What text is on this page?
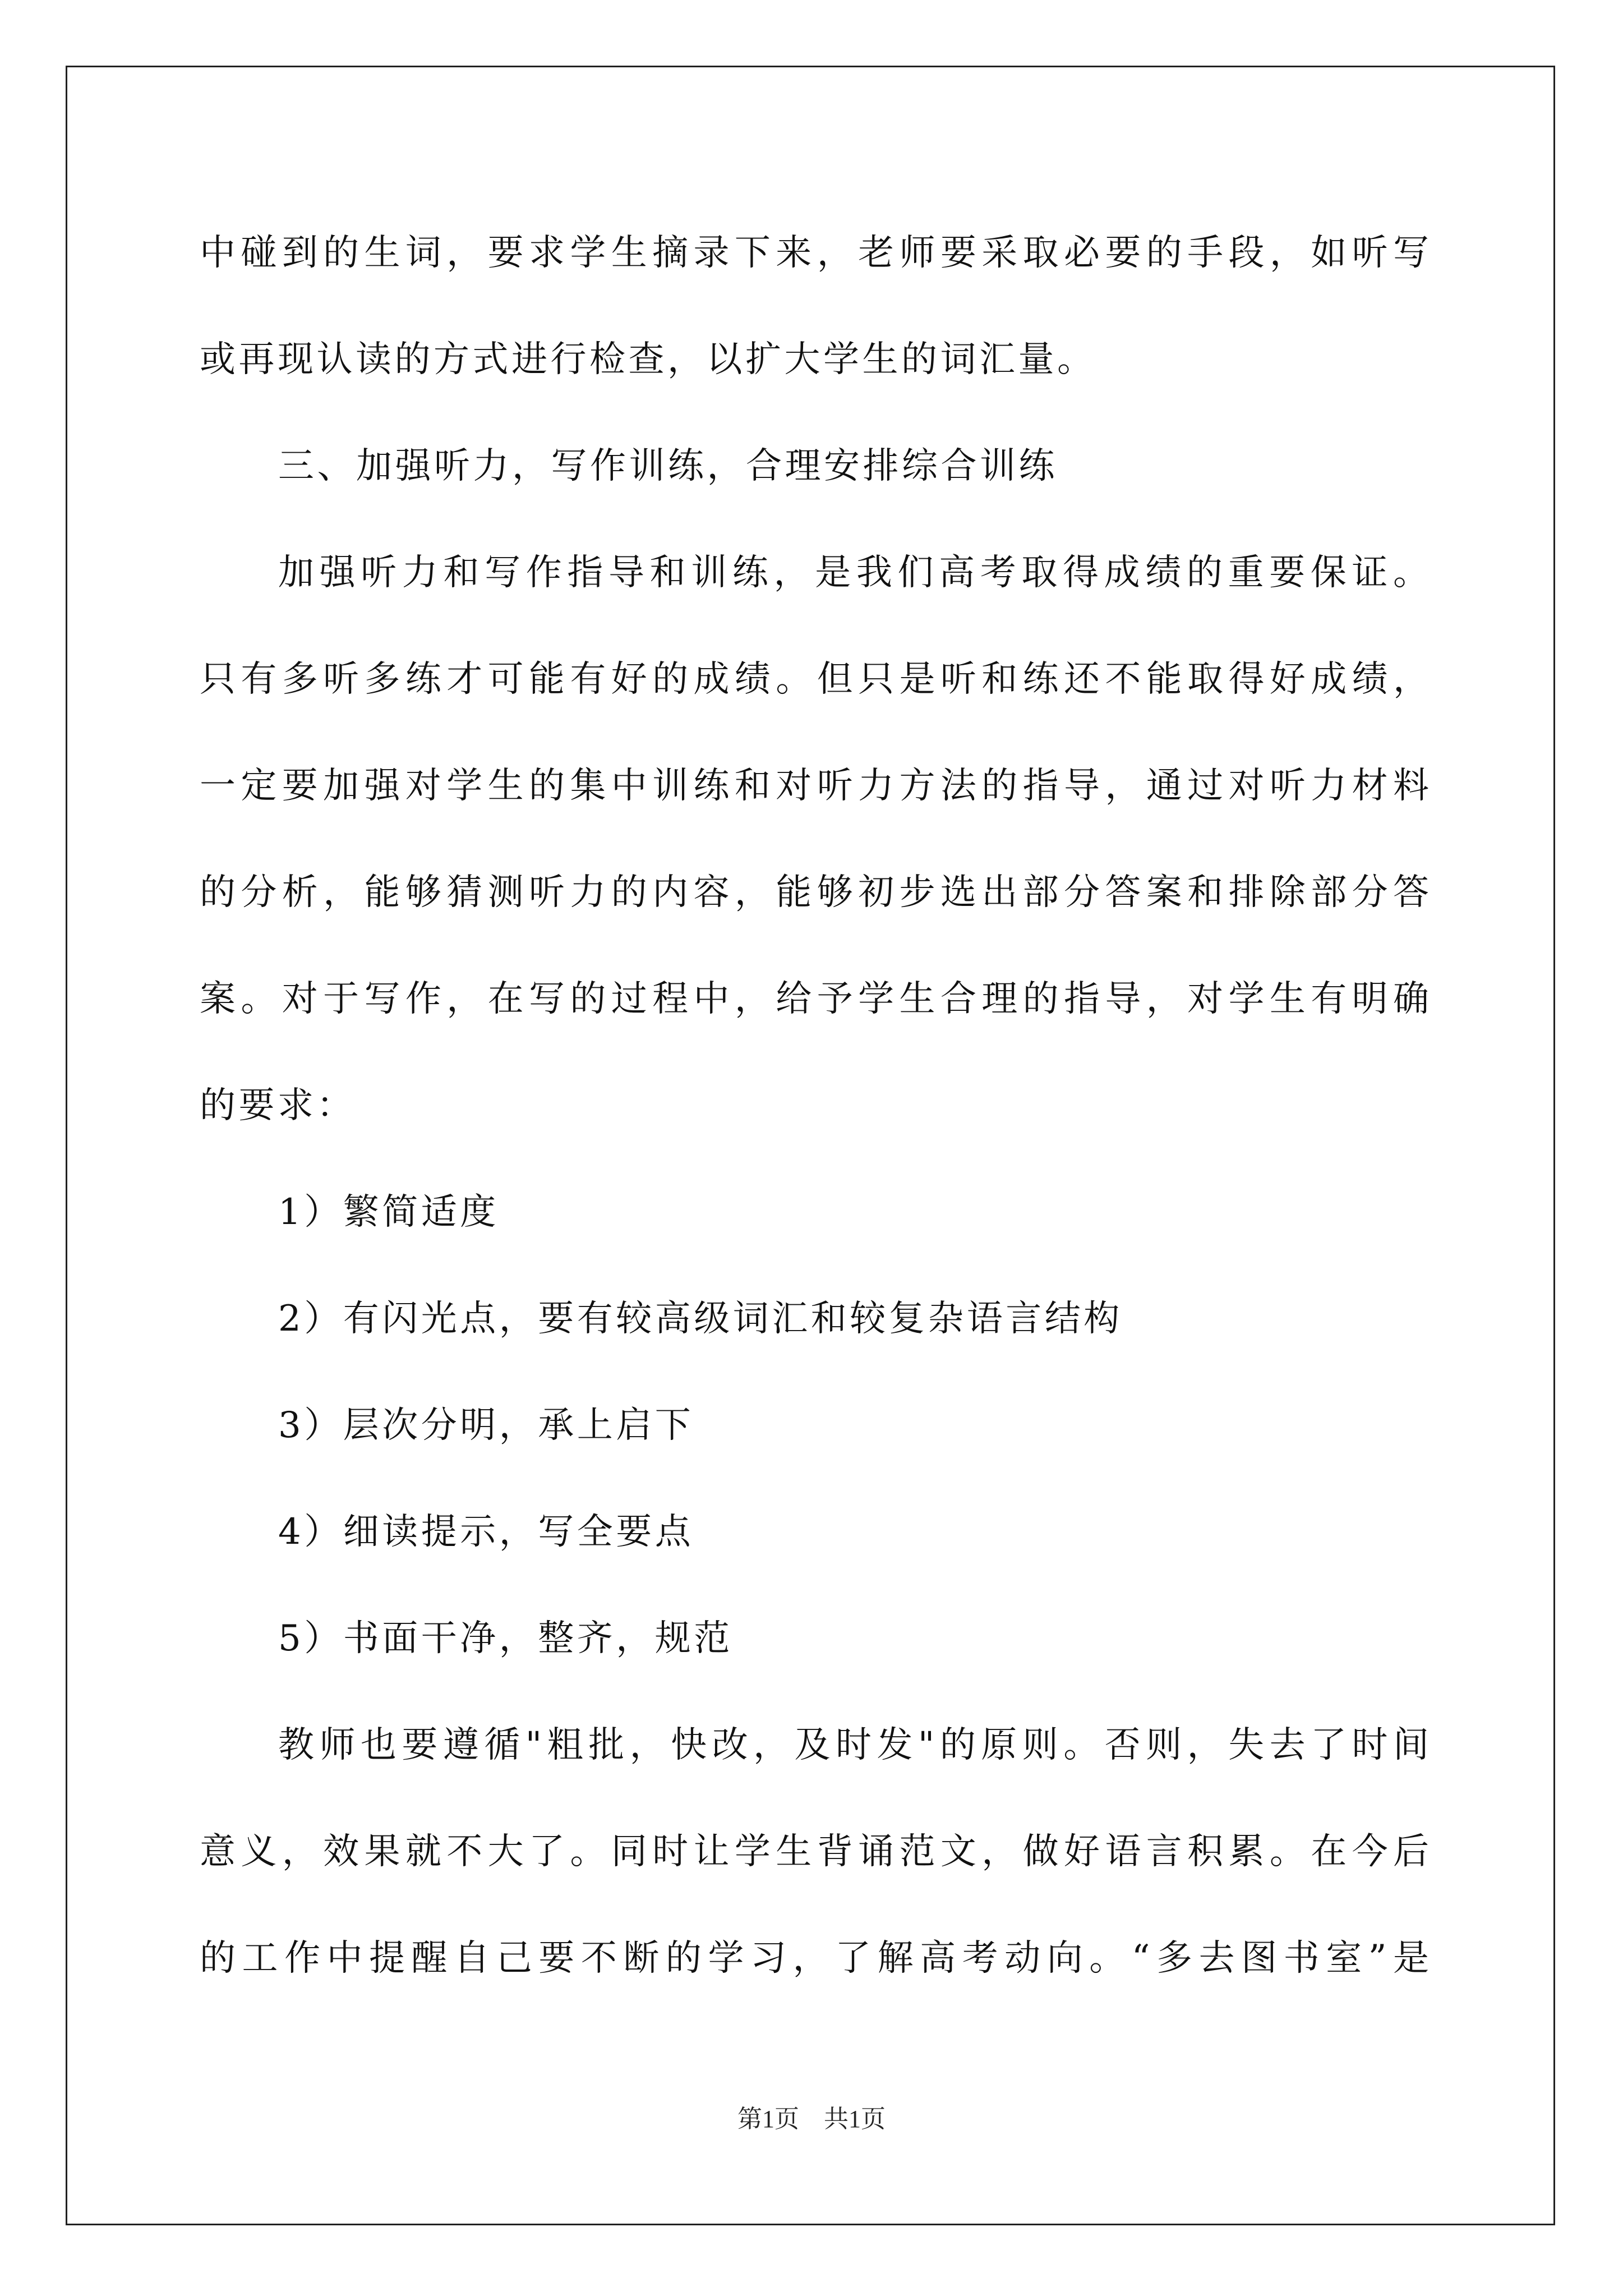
中碰到的生词，要求学生摘录下来，老师要采取必要的手段，如听写
或再现认读的方式进行检查，以扩大学生的词汇量。
三、加强听力，写作训练，合理安排综合训练
加强听力和写作指导和训练，是我们高考取得成绩的重要保证。
只有多听多练才可能有好的成绩。但只是听和练还不能取得好成绩，
一定要加强对学生的集中训练和对听力方法的指导，通过对听力材料
的分析，能够猜测听力的内容，能够初步选出部分答案和排除部分答
案。对于写作，在写的过程中，给予学生合理的指导，对学生有明确
的要求：
1）繁简适度
2）有闪光点，要有较高级词汇和较复杂语言结构
3）层次分明，承上启下
4）细读提示，写全要点
5）书面干净，整齐，规范
教师也要遵循"粗批，快改，及时发"的原则。否则，失去了时间
意义，效果就不大了。同时让学生背诵范文，做好语言积累。在今后
的工作中提醒自己要不断的学习，了解高考动向。“多去图书室”是
第1页 共1页
